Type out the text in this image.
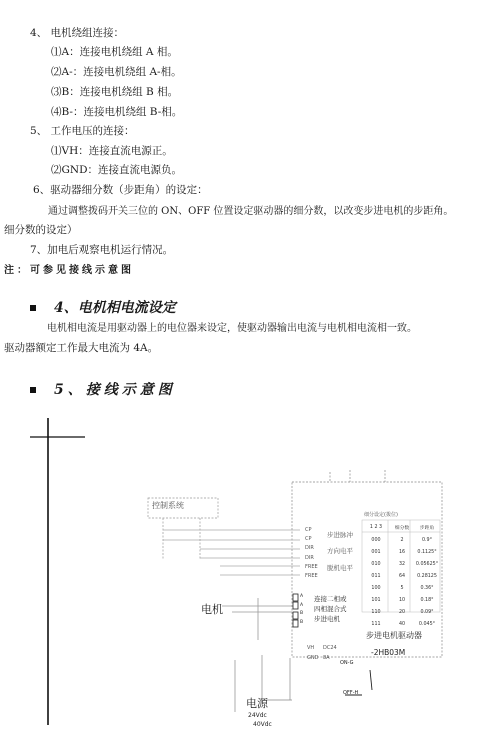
4、 电机绕组连接：
⑴A：连接电机绕组 A 相。
⑵A-：连接电机绕组 A-相。
⑶B：连接电机绕组 B 相。
⑷B-：连接电机绕组 B-相。
5、 工作电压的连接：
⑴VH：连接直流电源正。
⑵GND：连接直流电源负。
6、驱动器细分数（步距角）的设定：
通过调整拨码开关三位的 ON、OFF 位置设定驱动器的细分数，以改变步进电机的步距角。
细分数的设定）
7、加电后观察电机运行情况。
注：可参见接线示意图
4、电机相电流设定
电机相电流是用驱动器上的电位器来设定，使驱动器输出电流与电机相电流相一致。
驱动器额定工作最大电流为 4A。
5、接线示意图
控制系统
CP
CP
DIR
DIR
FREE
FREE
步进脉冲
方向电平
脱机电平
电机
A
A
B
B
连接二相或
四相混合式
步进电机
VH
GND
DC24
8A
细分设定(拨位)
1 2 3	细分数	步距角
000	2	0.9°
001	16	0.1125°
010	32	0.05625°
011	64	0.28125
100	5	0.36°
101	10	0.18°
110	20	0.09°
111	40	0.045°
步进电机驱动器
-2HB03M
ON-G
OFF-H
电源
24Vdc
40Vdc
